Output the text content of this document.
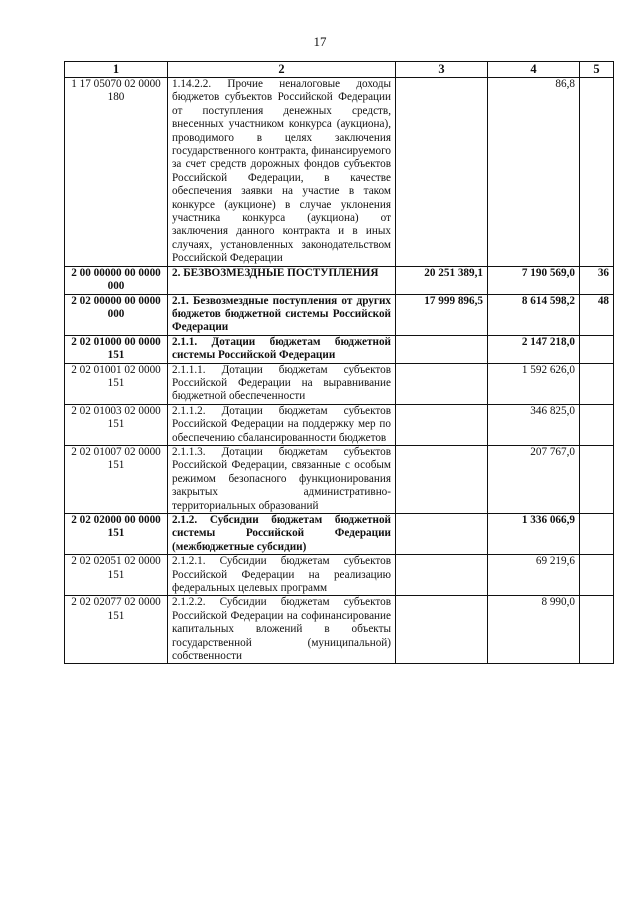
17
1	2	3	4	5
1 17 05070 02 0000 180	1.14.2.2. Прочие неналоговые доходы бюджетов субъектов Российской Федерации от поступления денежных средств, внесенных участником конкурса (аукциона), проводимого в целях заключения государственного контракта, финансируемого за счет средств дорожных фондов субъектов Российской Федерации, в качестве обеспечения заявки на участие в таком конкурсе (аукционе) в случае уклонения участника конкурса (аукциона) от заключения данного контракта и в иных случаях, установленных законодательством Российской Федерации		86,8	
2 00 00000 00 0000 000	2. БЕЗВОЗМЕЗДНЫЕ ПОСТУПЛЕНИЯ	20 251 389,1	7 190 569,0	36
2 02 00000 00 0000 000	2.1. Безвозмездные поступления от других бюджетов бюджетной системы Российской Федерации	17 999 896,5	8 614 598,2	48
2 02 01000 00 0000 151	2.1.1. Дотации бюджетам бюджетной системы Российской Федерации		2 147 218,0	
2 02 01001 02 0000 151	2.1.1.1. Дотации бюджетам субъектов Российской Федерации на выравнивание бюджетной обеспеченности		1 592 626,0	
2 02 01003 02 0000 151	2.1.1.2. Дотации бюджетам субъектов Российской Федерации на поддержку мер по обеспечению сбалансированности бюджетов		346 825,0	
2 02 01007 02 0000 151	2.1.1.3. Дотации бюджетам субъектов Российской Федерации, связанные с особым режимом безопасного функционирования закрытых административно-территориальных образований		207 767,0	
2 02 02000 00 0000 151	2.1.2. Субсидии бюджетам бюджетной системы Российской Федерации (межбюджетные субсидии)		1 336 066,9	
2 02 02051 02 0000 151	2.1.2.1. Субсидии бюджетам субъектов Российской Федерации на реализацию федеральных целевых программ		69 219,6	
2 02 02077 02 0000 151	2.1.2.2. Субсидии бюджетам субъектов Российской Федерации на софинансирование капитальных вложений в объекты государственной (муниципальной) собственности		8 990,0	
